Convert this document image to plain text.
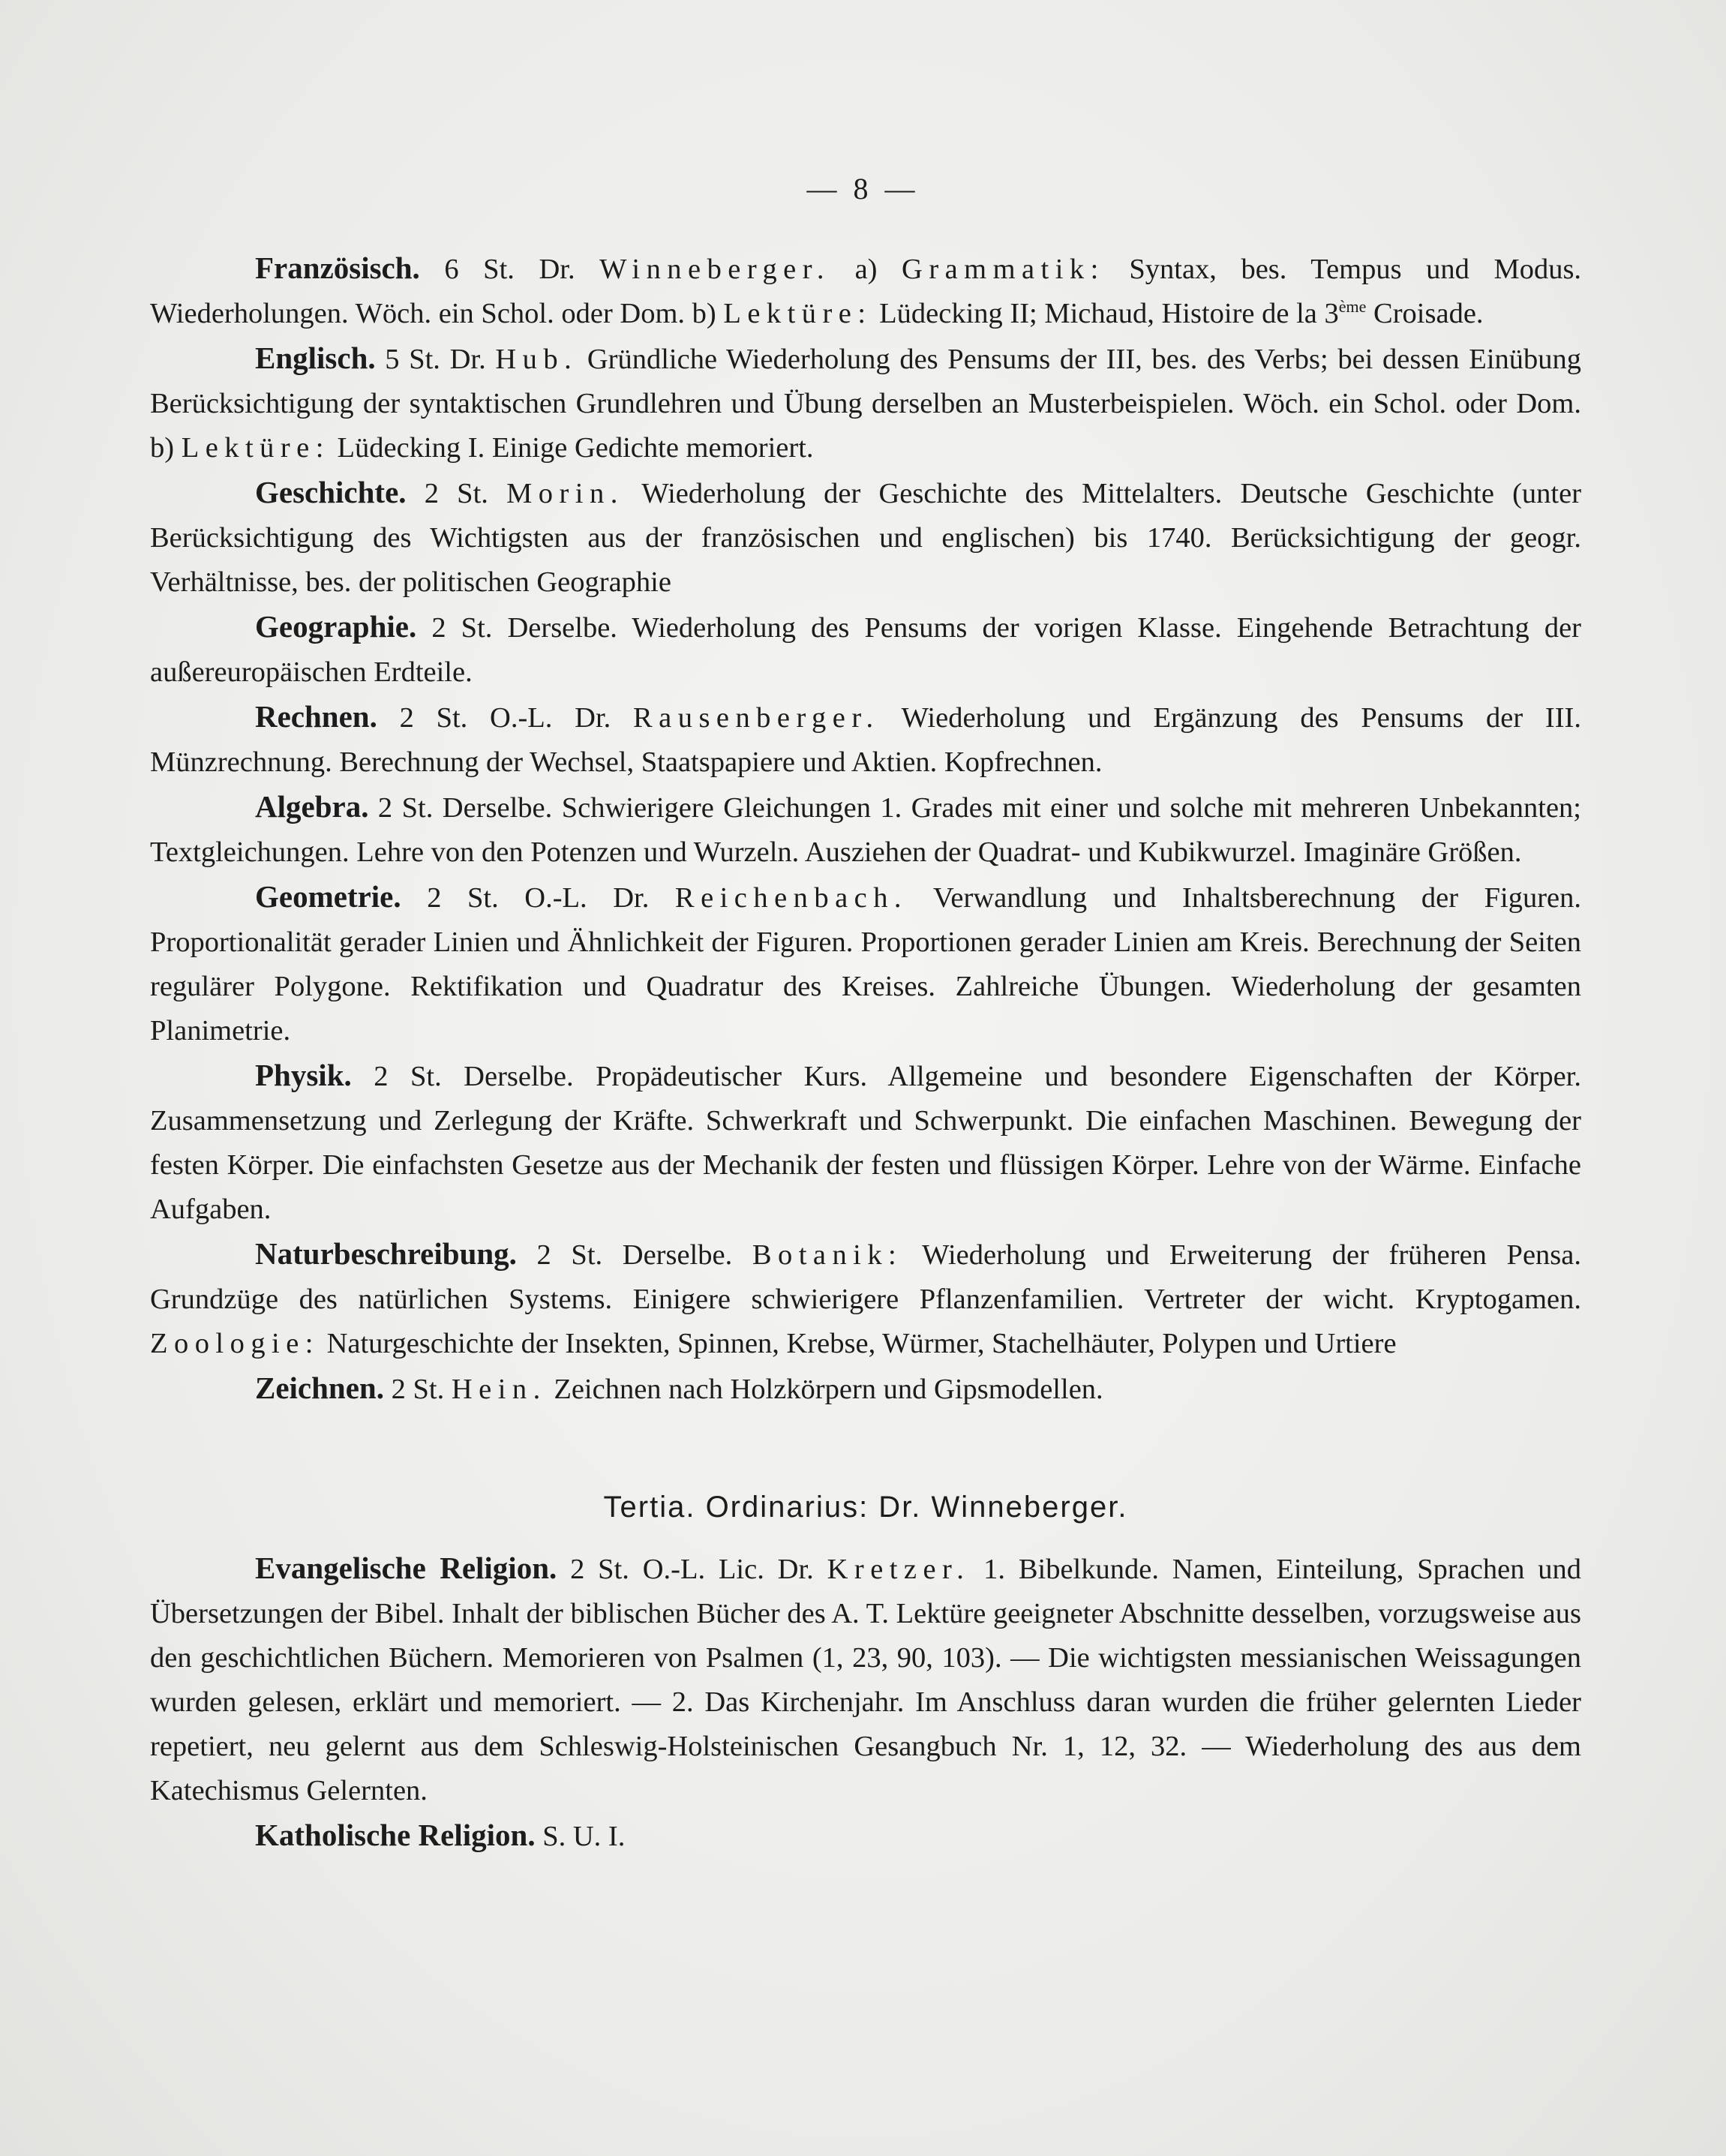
— 8 —

Französisch. 6 St. Dr. Winneberger. a) Grammatik: Syntax, bes. Tempus und Modus. Wiederholungen. Wöch. ein Schol. oder Dom. b) Lektüre: Lüdecking II; Michaud, Histoire de la 3ème Croisade.

Englisch. 5 St. Dr. Hub. Gründliche Wiederholung des Pensums der III, bes. des Verbs; bei dessen Einübung Berücksichtigung der syntaktischen Grundlehren und Übung derselben an Musterbeispielen. Wöch. ein Schol. oder Dom. b) Lektüre: Lüdecking I. Einige Gedichte memoriert.

Geschichte. 2 St. Morin. Wiederholung der Geschichte des Mittelalters. Deutsche Geschichte (unter Berücksichtigung des Wichtigsten aus der französischen und englischen) bis 1740. Berücksichtigung der geogr. Verhältnisse, bes. der politischen Geographie

Geographie. 2 St. Derselbe. Wiederholung des Pensums der vorigen Klasse. Eingehende Betrachtung der außereuropäischen Erdteile.

Rechnen. 2 St. O.-L. Dr. Rausenberger. Wiederholung und Ergänzung des Pensums der III. Münzrechnung. Berechnung der Wechsel, Staatspapiere und Aktien. Kopfrechnen.

Algebra. 2 St. Derselbe. Schwierigere Gleichungen 1. Grades mit einer und solche mit mehreren Unbekannten; Textgleichungen. Lehre von den Potenzen und Wurzeln. Ausziehen der Quadrat- und Kubikwurzel. Imaginäre Größen.

Geometrie. 2 St. O.-L. Dr. Reichenbach. Verwandlung und Inhaltsberechnung der Figuren. Proportionalität gerader Linien und Ähnlichkeit der Figuren. Proportionen gerader Linien am Kreis. Berechnung der Seiten regulärer Polygone. Rektifikation und Quadratur des Kreises. Zahlreiche Übungen. Wiederholung der gesamten Planimetrie.

Physik. 2 St. Derselbe. Propädeutischer Kurs. Allgemeine und besondere Eigenschaften der Körper. Zusammensetzung und Zerlegung der Kräfte. Schwerkraft und Schwerpunkt. Die einfachen Maschinen. Bewegung der festen Körper. Die einfachsten Gesetze aus der Mechanik der festen und flüssigen Körper. Lehre von der Wärme. Einfache Aufgaben.

Naturbeschreibung. 2 St. Derselbe. Botanik: Wiederholung und Erweiterung der früheren Pensa. Grundzüge des natürlichen Systems. Einigere schwierigere Pflanzenfamilien. Vertreter der wicht. Kryptogamen. Zoologie: Naturgeschichte der Insekten, Spinnen, Krebse, Würmer, Stachelhäuter, Polypen und Urtiere

Zeichnen. 2 St. Hein. Zeichnen nach Holzkörpern und Gipsmodellen.

Tertia. Ordinarius: Dr. Winneberger.

Evangelische Religion. 2 St. O.-L. Lic. Dr. Kretzer. 1. Bibelkunde. Namen, Einteilung, Sprachen und Übersetzungen der Bibel. Inhalt der biblischen Bücher des A. T. Lektüre geeigneter Abschnitte desselben, vorzugsweise aus den geschichtlichen Büchern. Memorieren von Psalmen (1, 23, 90, 103). — Die wichtigsten messianischen Weissagungen wurden gelesen, erklärt und memoriert. — 2. Das Kirchenjahr. Im Anschluss daran wurden die früher gelernten Lieder repetiert, neu gelernt aus dem Schleswig-Holsteinischen Gesangbuch Nr. 1, 12, 32. — Wiederholung des aus dem Katechismus Gelernten.

Katholische Religion. S. U. I.
